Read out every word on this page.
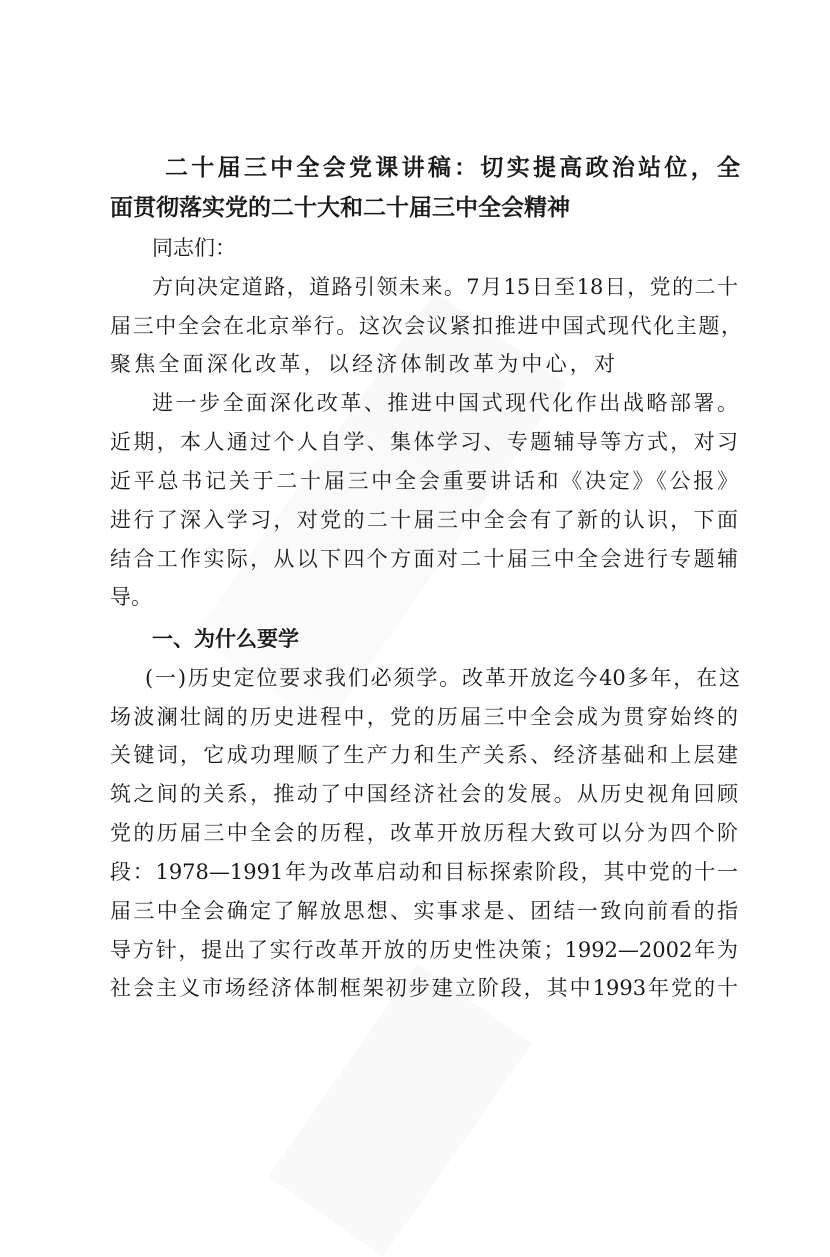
二十届三中全会党课讲稿：切实提高政治站位，全
面贯彻落实党的二十大和二十届三中全会精神
同志们：
方向决定道路，道路引领未来。7月15日至18日，党的二十
届三中全会在北京举行。这次会议紧扣推进中国式现代化主题，
聚焦全面深化改革，以经济体制改革为中心，对
进一步全面深化改革、推进中国式现代化作出战略部署。
近期，本人通过个人自学、集体学习、专题辅导等方式，对习
近平总书记关于二十届三中全会重要讲话和《决定》《公报》
进行了深入学习，对党的二十届三中全会有了新的认识，下面
结合工作实际，从以下四个方面对二十届三中全会进行专题辅
导。
一、为什么要学
(一)历史定位要求我们必须学。改革开放迄今40多年，在这
场波澜壮阔的历史进程中，党的历届三中全会成为贯穿始终的
关键词，它成功理顺了生产力和生产关系、经济基础和上层建
筑之间的关系，推动了中国经济社会的发展。从历史视角回顾
党的历届三中全会的历程，改革开放历程大致可以分为四个阶
段：1978—1991年为改革启动和目标探索阶段，其中党的十一
届三中全会确定了解放思想、实事求是、团结一致向前看的指
导方针，提出了实行改革开放的历史性决策；1992—2002年为
社会主义市场经济体制框架初步建立阶段，其中1993年党的十
